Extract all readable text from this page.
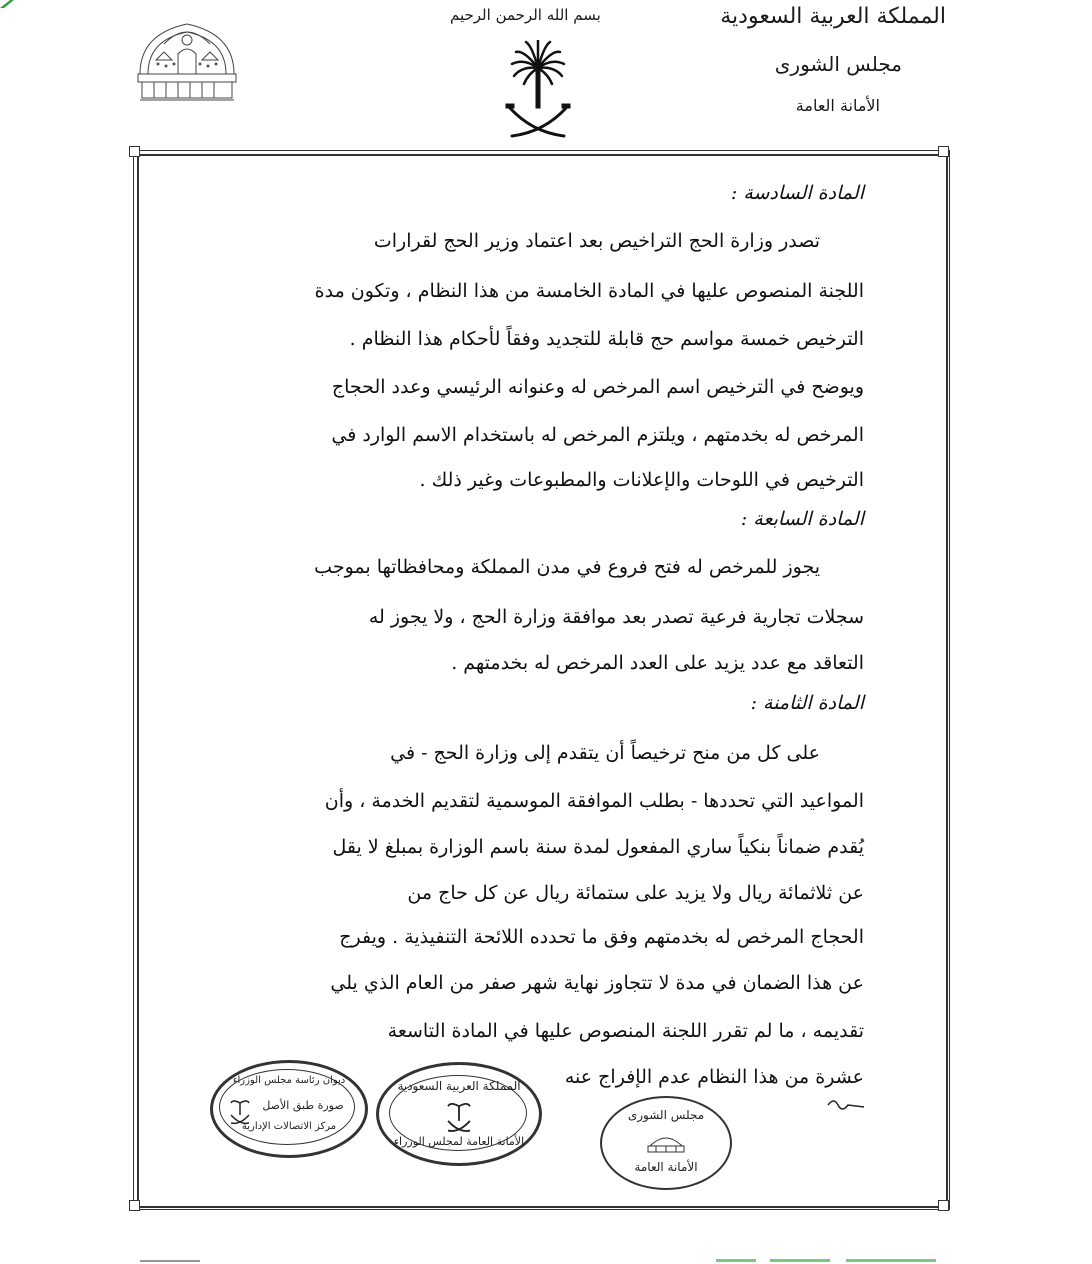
المملكة العربية السعودية
مجلس الشورى
الأمانة العامة
بسم الله الرحمن الرحيم
المادة السادسة :
تصدر وزارة الحج التراخيص بعد اعتماد وزير الحج لقرارات
اللجنة المنصوص عليها في المادة الخامسة من هذا النظام ، وتكون مدة
الترخيص خمسة مواسم حج قابلة للتجديد وفقاً لأحكام هذا النظام .
ويوضح في الترخيص اسم المرخص له وعنوانه الرئيسي وعدد الحجاج
المرخص له بخدمتهم ، ويلتزم المرخص له باستخدام الاسم الوارد في
الترخيص في اللوحات والإعلانات والمطبوعات وغير ذلك .
المادة السابعة :
يجوز للمرخص له فتح فروع في مدن المملكة ومحافظاتها بموجب
سجلات تجارية فرعية تصدر بعد موافقة وزارة الحج ، ولا يجوز له
التعاقد مع عدد يزيد على العدد المرخص له بخدمتهم .
المادة الثامنة :
على كل من منح ترخيصاً أن يتقدم إلى وزارة الحج - في
المواعيد التي تحددها - بطلب الموافقة الموسمية لتقديم الخدمة ، وأن
يُقدم ضماناً بنكياً ساري المفعول لمدة سنة باسم الوزارة بمبلغ لا يقل
عن ثلاثمائة ريال ولا يزيد على ستمائة ريال عن كل حاج من
الحجاج المرخص له بخدمتهم وفق ما تحدده اللائحة التنفيذية . ويفرج
عن هذا الضمان في مدة لا تتجاوز نهاية شهر صفر من العام الذي يلي
تقديمه ، ما لم تقرر اللجنة المنصوص عليها في المادة التاسعة
عشرة من هذا النظام عدم الإفراج عنه
ديوان رئاسة مجلس الوزراء
صورة طبق الأصل
مركز الاتصالات الإدارية
المملكة العربية السعودية
الأمانة العامة لمجلس الوزراء
مجلس الشورى
الأمانة العامة
